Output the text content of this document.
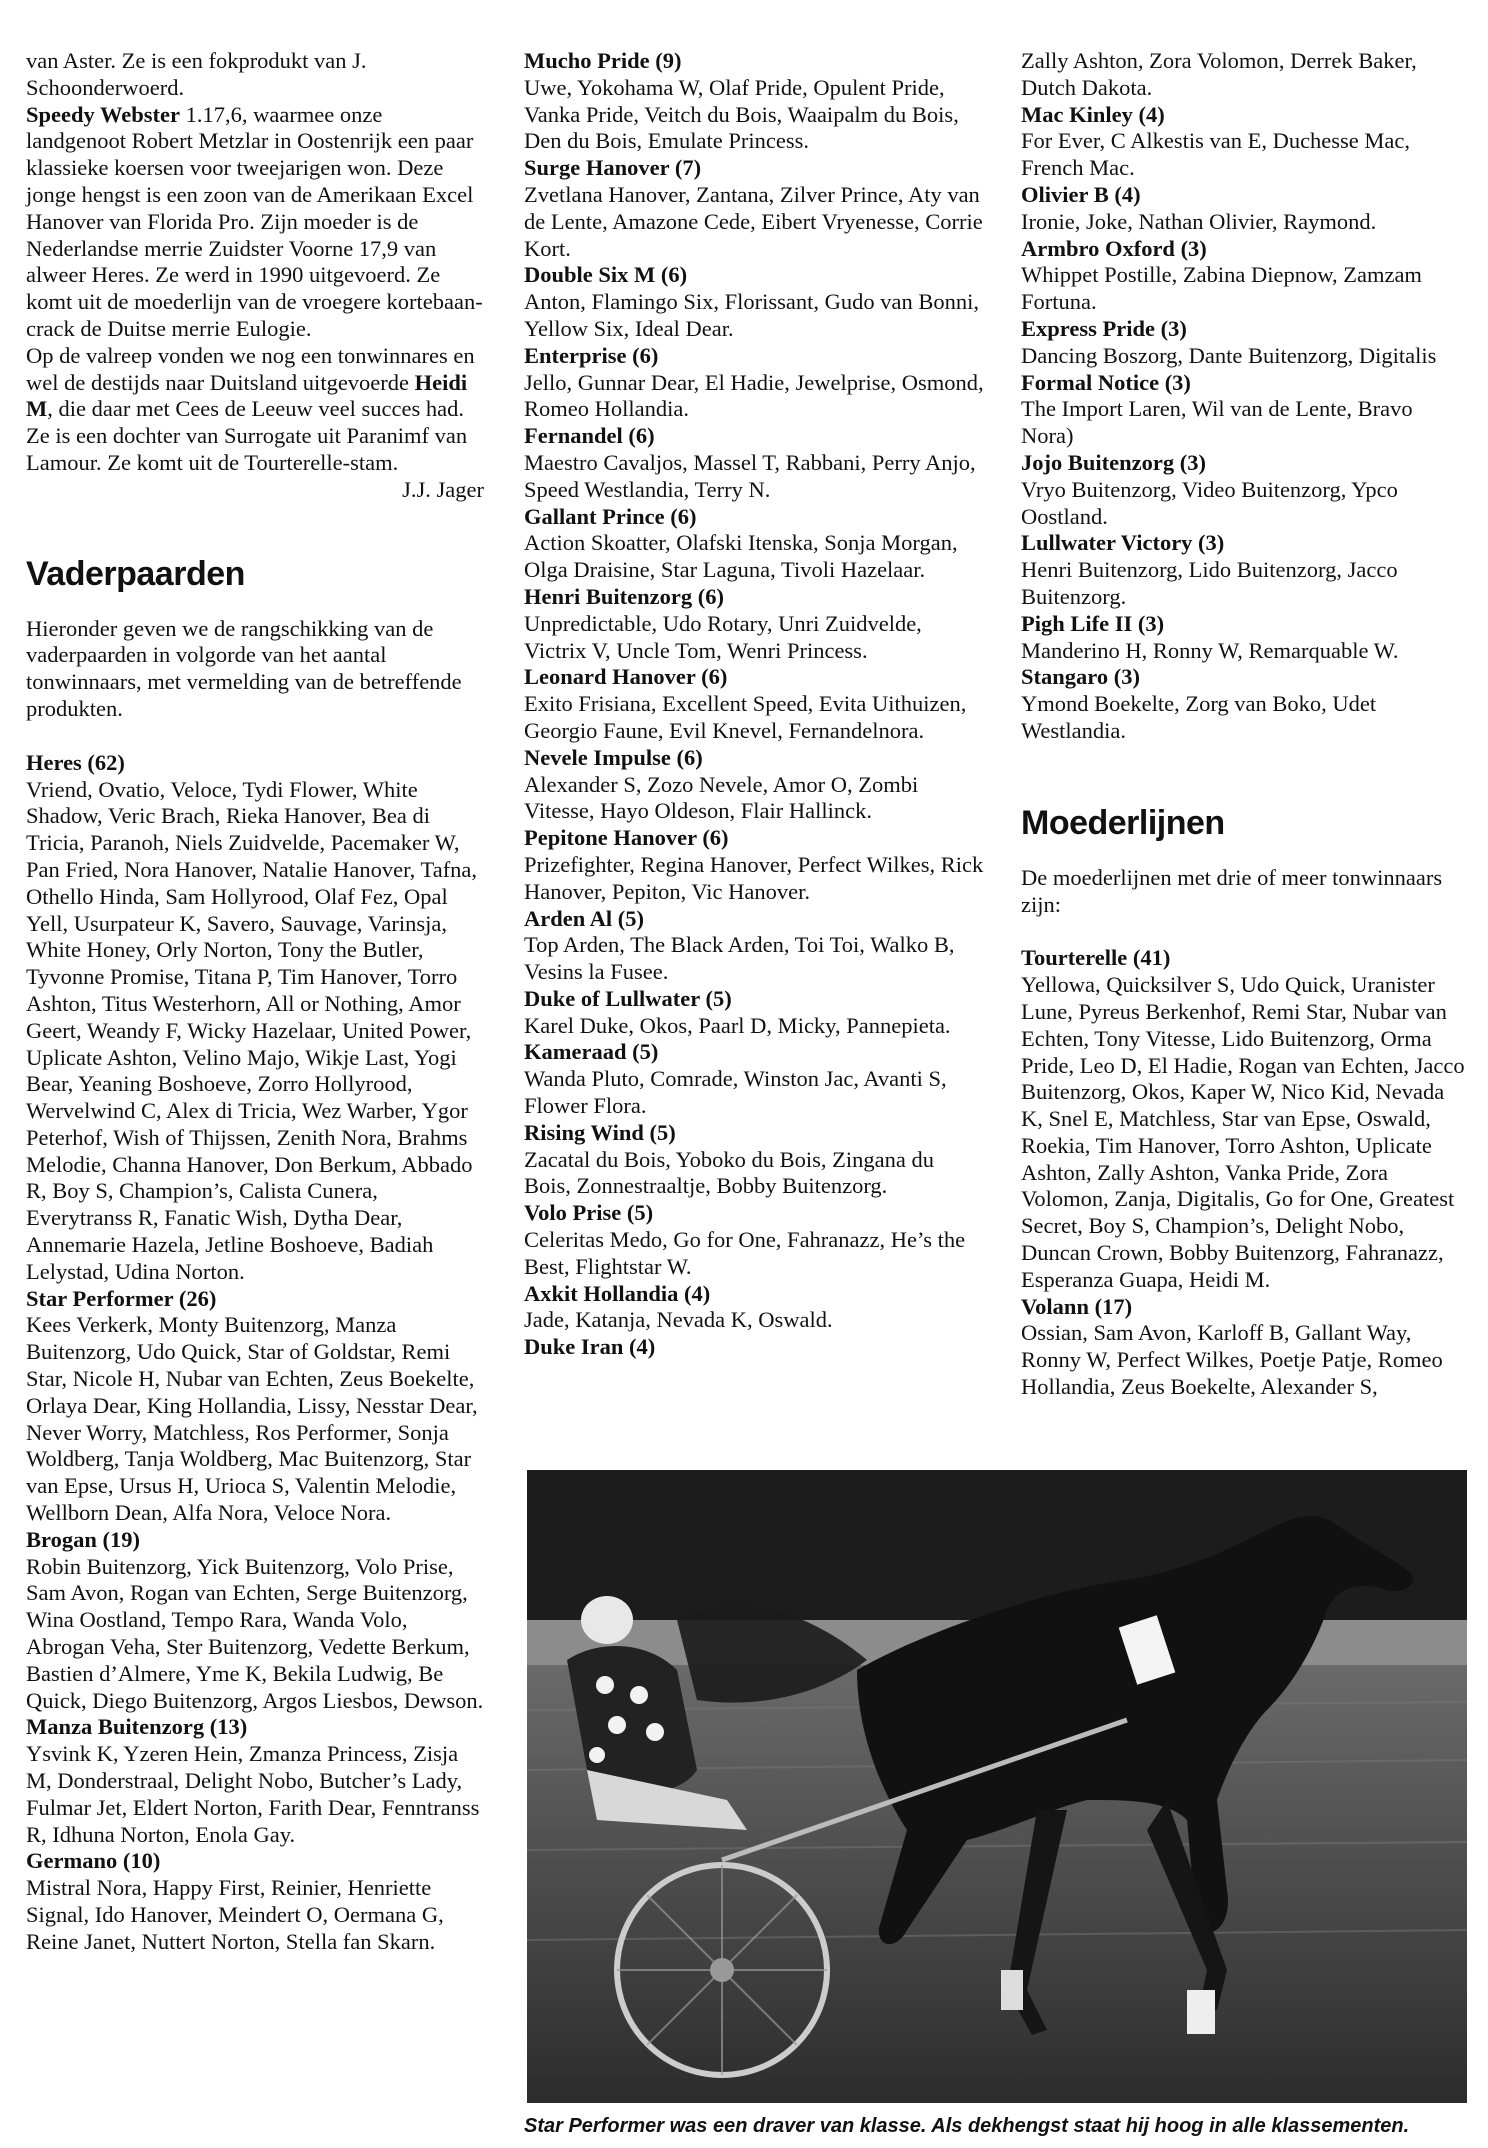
van Aster. Ze is een fokprodukt van J. Schoonderwoerd.

Speedy Webster 1.17,6, waarmee onze landgenoot Robert Metzlar in Oostenrijk een paar klassieke koersen voor tweejarigen won. Deze jonge hengst is een zoon van de Amerikaan Excel Hanover van Florida Pro. Zijn moeder is de Nederlandse merrie Zuidster Voorne 17,9 van alweer Heres. Ze werd in 1990 uitgevoerd. Ze komt uit de moederlijn van de vroegere kortebaan-crack de Duitse merrie Eulogie.

Op de valreep vonden we nog een tonwinnares en wel de destijds naar Duitsland uitgevoerde Heidi M, die daar met Cees de Leeuw veel succes had. Ze is een dochter van Surrogate uit Paranimf van Lamour. Ze komt uit de Tourterelle-stam.

J.J. Jager

Vaderpaarden

Hieronder geven we de rangschikking van de vaderpaarden in volgorde van het aantal tonwinnaars, met vermelding van de betreffende produkten.

Heres (62)

Vriend, Ovatio, Veloce, Tydi Flower, White Shadow, Veric Brach, Rieka Hanover, Bea di Tricia, Paranoh, Niels Zuidvelde, Pacemaker W, Pan Fried, Nora Hanover, Natalie Hanover, Tafna, Othello Hinda, Sam Hollyrood, Olaf Fez, Opal Yell, Usurpateur K, Savero, Sauvage, Varinsja, White Honey, Orly Norton, Tony the Butler, Tyvonne Promise, Titana P, Tim Hanover, Torro Ashton, Titus Westerhorn, All or Nothing, Amor Geert, Weandy F, Wicky Hazelaar, United Power, Uplicate Ashton, Velino Majo, Wikje Last, Yogi Bear, Yeaning Boshoeve, Zorro Hollyrood, Wervelwind C, Alex di Tricia, Wez Warber, Ygor Peterhof, Wish of Thijssen, Zenith Nora, Brahms Melodie, Channa Hanover, Don Berkum, Abbado R, Boy S, Champion’s, Calista Cunera, Everytranss R, Fanatic Wish, Dytha Dear, Annemarie Hazela, Jetline Boshoeve, Badiah Lelystad, Udina Norton.

Star Performer (26)

Kees Verkerk, Monty Buitenzorg, Manza Buitenzorg, Udo Quick, Star of Goldstar, Remi Star, Nicole H, Nubar van Echten, Zeus Boekelte, Orlaya Dear, King Hollandia, Lissy, Nesstar Dear, Never Worry, Matchless, Ros Performer, Sonja Woldberg, Tanja Woldberg, Mac Buitenzorg, Star van Epse, Ursus H, Urioca S, Valentin Melodie, Wellborn Dean, Alfa Nora, Veloce Nora.

Brogan (19)

Robin Buitenzorg, Yick Buitenzorg, Volo Prise, Sam Avon, Rogan van Echten, Serge Buitenzorg, Wina Oostland, Tempo Rara, Wanda Volo, Abrogan Veha, Ster Buitenzorg, Vedette Berkum, Bastien d’Almere, Yme K, Bekila Ludwig, Be Quick, Diego Buitenzorg, Argos Liesbos, Dewson.

Manza Buitenzorg (13)

Ysvink K, Yzeren Hein, Zmanza Princess, Zisja M, Donderstraal, Delight Nobo, Butcher’s Lady, Fulmar Jet, Eldert Norton, Farith Dear, Fenntranss R, Idhuna Norton, Enola Gay.

Germano (10)

Mistral Nora, Happy First, Reinier, Henriette Signal, Ido Hanover, Meindert O, Oermana G, Reine Janet, Nuttert Norton, Stella fan Skarn.

Mucho Pride (9)

Uwe, Yokohama W, Olaf Pride, Opulent Pride, Vanka Pride, Veitch du Bois, Waaipalm du Bois, Den du Bois, Emulate Princess.

Surge Hanover (7)

Zvetlana Hanover, Zantana, Zilver Prince, Aty van de Lente, Amazone Cede, Eibert Vryenesse, Corrie Kort.

Double Six M (6)

Anton, Flamingo Six, Florissant, Gudo van Bonni, Yellow Six, Ideal Dear.

Enterprise (6)

Jello, Gunnar Dear, El Hadie, Jewelprise, Osmond, Romeo Hollandia.

Fernandel (6)

Maestro Cavaljos, Massel T, Rabbani, Perry Anjo, Speed Westlandia, Terry N.

Gallant Prince (6)

Action Skoatter, Olafski Itenska, Sonja Morgan, Olga Draisine, Star Laguna, Tivoli Hazelaar.

Henri Buitenzorg (6)

Unpredictable, Udo Rotary, Unri Zuidvelde, Victrix V, Uncle Tom, Wenri Princess.

Leonard Hanover (6)

Exito Frisiana, Excellent Speed, Evita Uithuizen, Georgio Faune, Evil Knevel, Fernandelnora.

Nevele Impulse (6)

Alexander S, Zozo Nevele, Amor O, Zombi Vitesse, Hayo Oldeson, Flair Hallinck.

Pepitone Hanover (6)

Prizefighter, Regina Hanover, Perfect Wilkes, Rick Hanover, Pepiton, Vic Hanover.

Arden Al (5)

Top Arden, The Black Arden, Toi Toi, Walko B, Vesins la Fusee.

Duke of Lullwater (5)

Karel Duke, Okos, Paarl D, Micky, Pannepieta.

Kameraad (5)

Wanda Pluto, Comrade, Winston Jac, Avanti S, Flower Flora.

Rising Wind (5)

Zacatal du Bois, Yoboko du Bois, Zingana du Bois, Zonnestraaltje, Bobby Buitenzorg.

Volo Prise (5)

Celeritas Medo, Go for One, Fahranazz, He’s the Best, Flightstar W.

Axkit Hollandia (4)

Jade, Katanja, Nevada K, Oswald.

Duke Iran (4)

Zally Ashton, Zora Volomon, Derrek Baker, Dutch Dakota.

Mac Kinley (4)

For Ever, C Alkestis van E, Duchesse Mac, French Mac.

Olivier B (4)

Ironie, Joke, Nathan Olivier, Raymond.

Armbro Oxford (3)

Whippet Postille, Zabina Diepnow, Zamzam Fortuna.

Express Pride (3)

Dancing Boszorg, Dante Buitenzorg, Digitalis

Formal Notice (3)

The Import Laren, Wil van de Lente, Bravo Nora)

Jojo Buitenzorg (3)

Vryo Buitenzorg, Video Buitenzorg, Ypco Oostland.

Lullwater Victory (3)

Henri Buitenzorg, Lido Buitenzorg, Jacco Buitenzorg.

Pigh Life II (3)

Manderino H, Ronny W, Remarquable W.

Stangaro (3)

Ymond Boekelte, Zorg van Boko, Udet Westlandia.

Moederlijnen

De moederlijnen met drie of meer tonwinnaars zijn:

Tourterelle (41)

Yellowa, Quicksilver S, Udo Quick, Uranister Lune, Pyreus Berkenhof, Remi Star, Nubar van Echten, Tony Vitesse, Lido Buitenzorg, Orma Pride, Leo D, El Hadie, Rogan van Echten, Jacco Buitenzorg, Okos, Kaper W, Nico Kid, Nevada K, Snel E, Matchless, Star van Epse, Oswald, Roekia, Tim Hanover, Torro Ashton, Uplicate Ashton, Zally Ashton, Vanka Pride, Zora Volomon, Zanja, Digitalis, Go for One, Greatest Secret, Boy S, Champion’s, Delight Nobo, Duncan Crown, Bobby Buitenzorg, Fahranazz, Esperanza Guapa, Heidi M.

Volann (17)

Ossian, Sam Avon, Karloff B, Gallant Way, Ronny W, Perfect Wilkes, Poetje Patje, Romeo Hollandia, Zeus Boekelte, Alexander S,

Star Performer was een draver van klasse. Als dekhengst staat hij hoog in alle klassementen.
